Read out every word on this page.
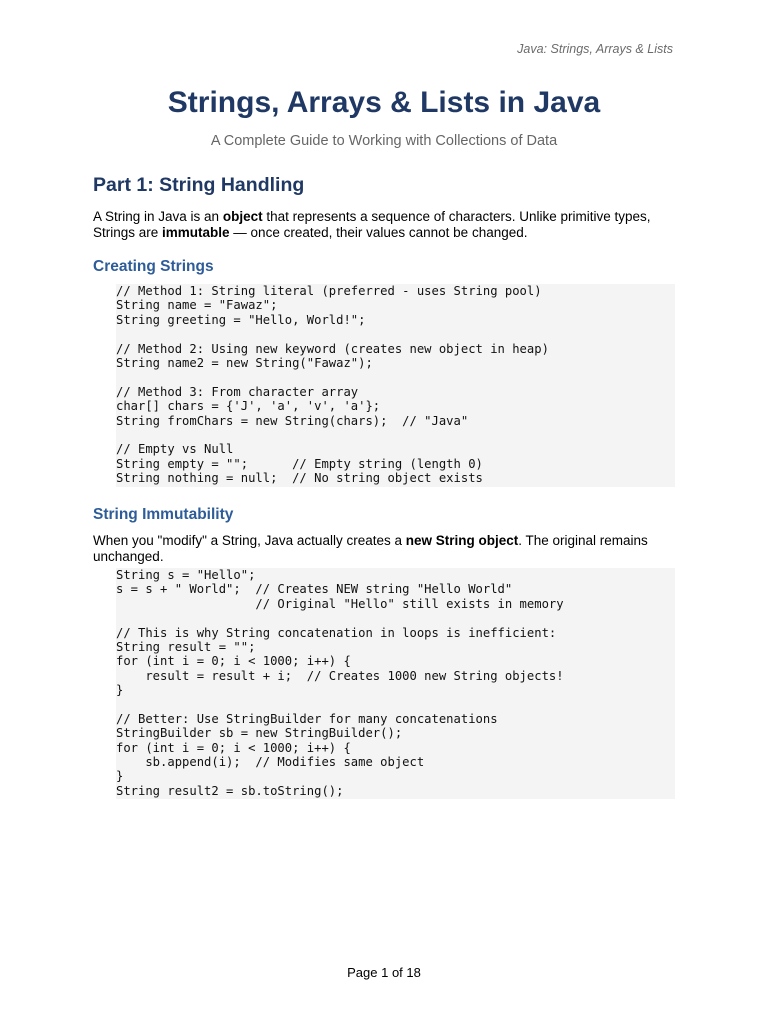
Java: Strings, Arrays & Lists
Strings, Arrays & Lists in Java
A Complete Guide to Working with Collections of Data
Part 1: String Handling

A String in Java is an object that represents a sequence of characters. Unlike primitive types, Strings are immutable — once created, their values cannot be changed.

Creating Strings
// Method 1: String literal (preferred - uses String pool)
String name = "Fawaz";
String greeting = "Hello, World!";
// Method 2: Using new keyword (creates new object in heap)
String name2 = new String("Fawaz");
// Method 3: From character array
char[] chars = {'J', 'a', 'v', 'a'};
String fromChars = new String(chars);  // "Java"
// Empty vs Null
String empty = "";      // Empty string (length 0)
String nothing = null;  // No string object exists
String Immutability

When you "modify" a String, Java actually creates a new String object. The original remains unchanged.

String s = "Hello";
s = s + " World";  // Creates NEW string "Hello World"
// Original "Hello" still exists in memory
// This is why String concatenation in loops is inefficient:
String result = "";
for (int i = 0; i < 1000; i++) {
result = result + i;  // Creates 1000 new String objects!
}
// Better: Use StringBuilder for many concatenations
StringBuilder sb = new StringBuilder();
for (int i = 0; i < 1000; i++) {
sb.append(i);  // Modifies same object
}
String result2 = sb.toString();
Page 1 of 18
